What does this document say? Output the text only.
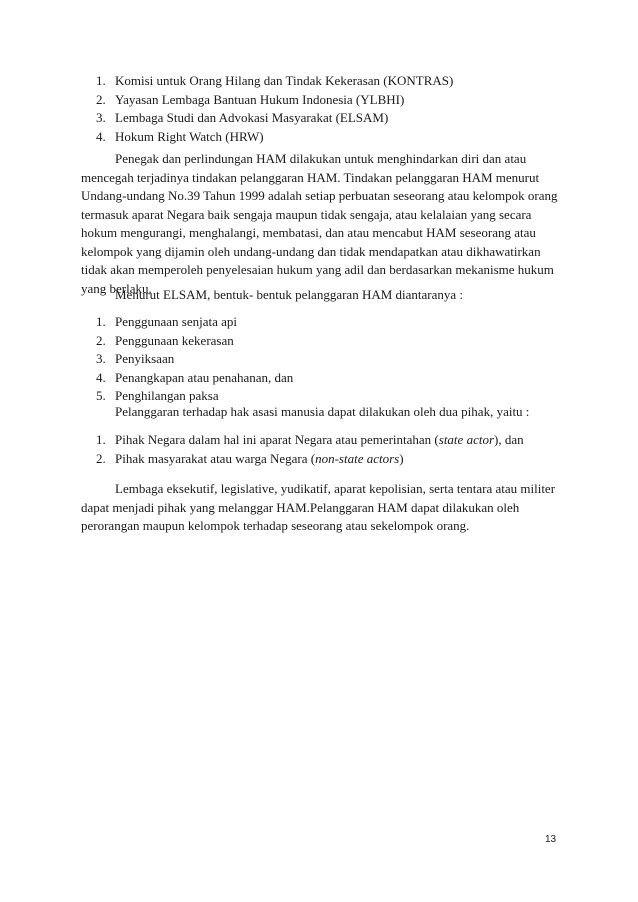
1. Komisi untuk Orang Hilang dan Tindak Kekerasan (KONTRAS)
2. Yayasan Lembaga Bantuan Hukum Indonesia (YLBHI)
3. Lembaga Studi dan Advokasi Masyarakat (ELSAM)
4. Hokum Right Watch (HRW)

Penegak dan perlindungan HAM dilakukan untuk menghindarkan diri dan atau mencegah terjadinya tindakan pelanggaran HAM. Tindakan pelanggaran HAM menurut Undang-undang No.39 Tahun 1999 adalah setiap perbuatan seseorang atau kelompok orang termasuk aparat Negara baik sengaja maupun tidak sengaja, atau kelalaian yang secara hokum mengurangi, menghalangi, membatasi, dan atau mencabut HAM seseorang atau kelompok yang dijamin oleh undang-undang dan tidak mendapatkan atau dikhawatirkan tidak akan memperoleh penyelesaian hukum yang adil dan berdasarkan mekanisme hukum yang berlaku.

Menurut ELSAM, bentuk- bentuk pelanggaran HAM diantaranya :

1. Penggunaan senjata api
2. Penggunaan kekerasan
3. Penyiksaan
4. Penangkapan atau penahanan, dan
5. Penghilangan paksa

Pelanggaran terhadap hak asasi manusia dapat dilakukan oleh dua pihak, yaitu :

1. Pihak Negara dalam hal ini aparat Negara atau pemerintahan (state actor), dan
2. Pihak masyarakat atau warga Negara (non-state actors)

Lembaga eksekutif, legislative, yudikatif, aparat kepolisian, serta tentara atau militer dapat menjadi pihak yang melanggar HAM.Pelanggaran HAM dapat dilakukan oleh perorangan maupun kelompok terhadap seseorang atau sekelompok orang.

13
